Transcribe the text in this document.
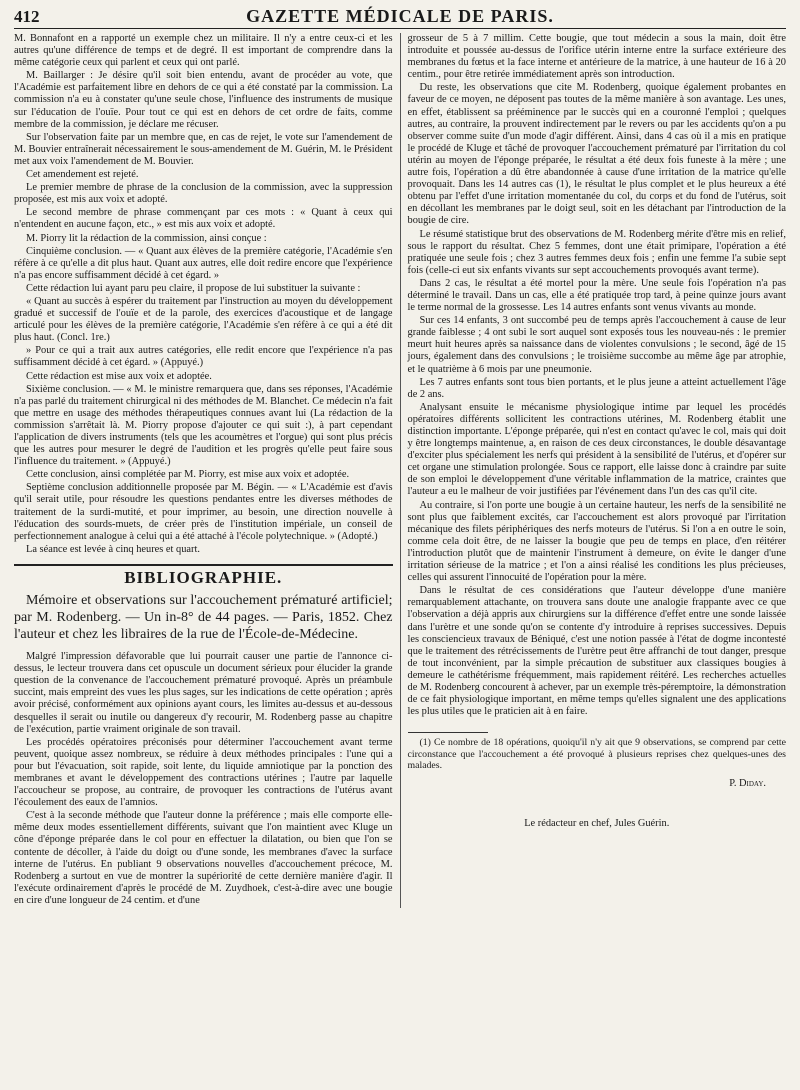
412	GAZETTE MÉDICALE DE PARIS.

M. Bonnafont en a rapporté un exemple chez un militaire. Il n'y a entre ceux-ci et les autres qu'une différence de temps et de degré. Il est important de comprendre dans la même catégorie ceux qui parlent et ceux qui ont parlé.

M. Baillarger : Je désire qu'il soit bien entendu, avant de procéder au vote, que l'Académie est parfaitement libre en dehors de ce qui a été constaté par la commission. La commission n'a eu à constater qu'une seule chose, l'influence des instruments de musique sur l'éducation de l'ouïe. Pour tout ce qui est en dehors de cet ordre de faits, comme membre de la commission, je déclare me récuser.

Sur l'observation faite par un membre que, en cas de rejet, le vote sur l'amendement de M. Bouvier entraînerait nécessairement le sous-amendement de M. Guérin, M. le Président met aux voix l'amendement de M. Bouvier.

Cet amendement est rejeté.

Le premier membre de phrase de la conclusion de la commission, avec la suppression proposée, est mis aux voix et adopté.

Le second membre de phrase commençant par ces mots : « Quant à ceux qui n'entendent en aucune façon, etc., » est mis aux voix et adopté.

M. Piorry lit la rédaction de la commission, ainsi conçue :

Cinquième conclusion. — « Quant aux élèves de la première catégorie, l'Académie s'en réfère à ce qu'elle a dit plus haut. Quant aux autres, elle doit redire encore que l'expérience n'a pas encore suffisamment décidé à cet égard. »

Cette rédaction lui ayant paru peu claire, il propose de lui substituer la suivante :

« Quant au succès à espérer du traitement par l'instruction au moyen du développement gradué et successif de l'ouïe et de la parole, des exercices d'acoustique et de langage articulé pour les élèves de la première catégorie, l'Académie s'en réfère à ce qui a été dit plus haut. (Concl. 1re.)

» Pour ce qui a trait aux autres catégories, elle redit encore que l'expérience n'a pas suffisamment décidé à cet égard. » (Appuyé.)

Cette rédaction est mise aux voix et adoptée.

Sixième conclusion. — « M. le ministre remarquera que, dans ses réponses, l'Académie n'a pas parlé du traitement chirurgical ni des méthodes de M. Blanchet. Ce médecin n'a fait que mettre en usage des méthodes thérapeutiques connues avant lui (La rédaction de la commission s'arrêtait là. M. Piorry propose d'ajouter ce qui suit :), à part cependant l'application de divers instruments (tels que les acoumètres et l'orgue) qui sont plus précis que les autres pour mesurer le degré de l'audition et les progrès qu'elle peut faire sous l'influence du traitement. » (Appuyé.)

Cette conclusion, ainsi complétée par M. Piorry, est mise aux voix et adoptée.

Septième conclusion additionnelle proposée par M. Bégin. — « L'Académie est d'avis qu'il serait utile, pour résoudre les questions pendantes entre les diverses méthodes de traitement de la surdi-mutité, et pour imprimer, au besoin, une direction nouvelle à l'éducation des sourds-muets, de créer près de l'institution impériale, un conseil de perfectionnement analogue à celui qui a été attaché à l'école polytechnique. » (Adopté.)

La séance est levée à cinq heures et quart.

BIBLIOGRAPHIE.
Mémoire et observations sur l'accouchement prématuré artificiel; par M. Rodenberg. — Un in-8° de 44 pages. — Paris, 1852. Chez l'auteur et chez les libraires de la rue de l'École-de-Médecine.

Malgré l'impression défavorable que lui pourrait causer une partie de l'annonce ci-dessus, le lecteur trouvera dans cet opuscule un document sérieux pour élucider la grande question de la convenance de l'accouchement prématuré provoqué. Après un préambule succint, mais empreint des vues les plus sages, sur les indications de cette opération ; après avoir précisé, conformément aux opinions ayant cours, les limites au-dessus et au-dessous desquelles il serait ou inutile ou dangereux d'y recourir, M. Rodenberg passe au chapitre de l'exécution, partie vraiment originale de son travail.

Les procédés opératoires préconisés pour déterminer l'accouchement avant terme peuvent, quoique assez nombreux, se réduire à deux méthodes principales : l'une qui a pour but l'évacuation, soit rapide, soit lente, du liquide amniotique par la ponction des membranes et avant le développement des contractions utérines ; l'autre par laquelle l'accoucheur se propose, au contraire, de provoquer les contractions de l'utérus avant l'écoulement des eaux de l'amnios.

C'est à la seconde méthode que l'auteur donne la préférence ; mais elle comporte elle-même deux modes essentiellement différents, suivant que l'on maintient avec Kluge un cône d'éponge préparée dans le col pour en effectuer la dilatation, ou bien que l'on se contente de décoller, à l'aide du doigt ou d'une sonde, les membranes d'avec la surface interne de l'utérus. En publiant 9 observations nouvelles d'accouchement précoce, M. Rodenberg a surtout en vue de montrer la supériorité de cette dernière manière d'agir. Il l'exécute ordinairement d'après le procédé de M. Zuydhoek, c'est-à-dire avec une bougie en cire d'une longueur de 24 centim. et d'une

grosseur de 5 à 7 millim. Cette bougie, que tout médecin a sous la main, doit être introduite et poussée au-dessus de l'orifice utérin interne entre la surface extérieure des membranes du fœtus et la face interne et antérieure de la matrice, à une hauteur de 16 à 20 centim., pour être retirée immédiatement après son introduction.

Du reste, les observations que cite M. Rodenberg, quoique également probantes en faveur de ce moyen, ne déposent pas toutes de la même manière à son avantage. Les unes, en effet, établissent sa prééminence par le succès qui en a couronné l'emploi ; quelques autres, au contraire, la prouvent indirectement par le revers ou par les accidents qu'on a pu observer comme suite d'un mode d'agir différent. Ainsi, dans 4 cas où il a mis en pratique le procédé de Kluge et tâché de provoquer l'accouchement prématuré par l'irritation du col utérin au moyen de l'éponge préparée, le résultat a été deux fois funeste à la mère ; une autre fois, l'opération a dû être abandonnée à cause d'une irritation de la matrice qu'elle provoquait. Dans les 14 autres cas (1), le résultat le plus complet et le plus heureux a été obtenu par l'effet d'une irritation momentanée du col, du corps et du fond de l'utérus, soit en décollant les membranes par le doigt seul, soit en les détachant par l'introduction de la bougie de cire.

Le résumé statistique brut des observations de M. Rodenberg mérite d'être mis en relief, sous le rapport du résultat. Chez 5 femmes, dont une était primipare, l'opération a été pratiquée une seule fois ; chez 3 autres femmes deux fois ; enfin une femme l'a subie sept fois (celle-ci eut six enfants vivants sur sept accouchements provoqués avant terme).

Dans 2 cas, le résultat a été mortel pour la mère. Une seule fois l'opération n'a pas déterminé le travail. Dans un cas, elle a été pratiquée trop tard, à peine quinze jours avant le terme normal de la grossesse. Les 14 autres enfants sont venus vivants au monde.

Sur ces 14 enfants, 3 ont succombé peu de temps après l'accouchement à cause de leur grande faiblesse ; 4 ont subi le sort auquel sont exposés tous les nouveau-nés : le premier meurt huit heures après sa naissance dans de violentes convulsions ; le second, âgé de 15 jours, également dans des convulsions ; le troisième succombe au même âge par atrophie, et le quatrième à 6 mois par une pneumonie.

Les 7 autres enfants sont tous bien portants, et le plus jeune a atteint actuellement l'âge de 2 ans.

Analysant ensuite le mécanisme physiologique intime par lequel les procédés opératoires différents sollicitent les contractions utérines, M. Rodenberg établit une distinction importante. L'éponge préparée, qui n'est en contact qu'avec le col, mais qui doit y être longtemps maintenue, a, en raison de ces deux circonstances, le double désavantage d'exciter plus spécialement les nerfs qui président à la sensibilité de l'utérus, et d'opérer sur cet organe une stimulation prolongée. Sous ce rapport, elle laisse donc à craindre par suite de son emploi le développement d'une véritable inflammation de la matrice, craintes que l'auteur a eu le malheur de voir justifiées par l'événement dans l'un des cas qu'il cite.

Au contraire, si l'on porte une bougie à un certaine hauteur, les nerfs de la sensibilité ne sont plus que faiblement excités, car l'accouchement est alors provoqué par l'irritation mécanique des filets périphériques des nerfs moteurs de l'utérus. Si l'on a en outre le soin, comme cela doit être, de ne laisser la bougie que peu de temps en place, d'en réitérer l'introduction plutôt que de maintenir l'instrument à demeure, on évite le danger d'une irritation sérieuse de la matrice ; et l'on a ainsi réalisé les conditions les plus précieuses, celles qui assurent l'innocuité de l'opération pour la mère.

Dans le résultat de ces considérations que l'auteur développe d'une manière remarquablement attachante, on trouvera sans doute une analogie frappante avec ce que l'observation a déjà appris aux chirurgiens sur la différence d'effet entre une sonde laissée dans l'urètre et une sonde qu'on se contente d'y introduire à reprises successives. Depuis les consciencieux travaux de Béniqué, c'est une notion passée à l'état de dogme incontesté que le traitement des rétrécissements de l'urètre peut être affranchi de tout danger, presque de tout inconvénient, par la simple précaution de substituer aux classiques bougies à demeure le cathétérisme fréquemment, mais rapidement réitéré. Les recherches actuelles de M. Rodenberg concourent à achever, par un exemple très-péremptoire, la démonstration de ce fait physiologique important, en même temps qu'elles signalent une des applications les plus utiles que le praticien ait à en faire.

(1) Ce nombre de 18 opérations, quoiqu'il n'y ait que 9 observations, se comprend par cette circonstance que l'accouchement a été provoqué à plusieurs reprises chez quelques-unes des malades.
P. Diday.
Le rédacteur en chef, Jules Guérin.
